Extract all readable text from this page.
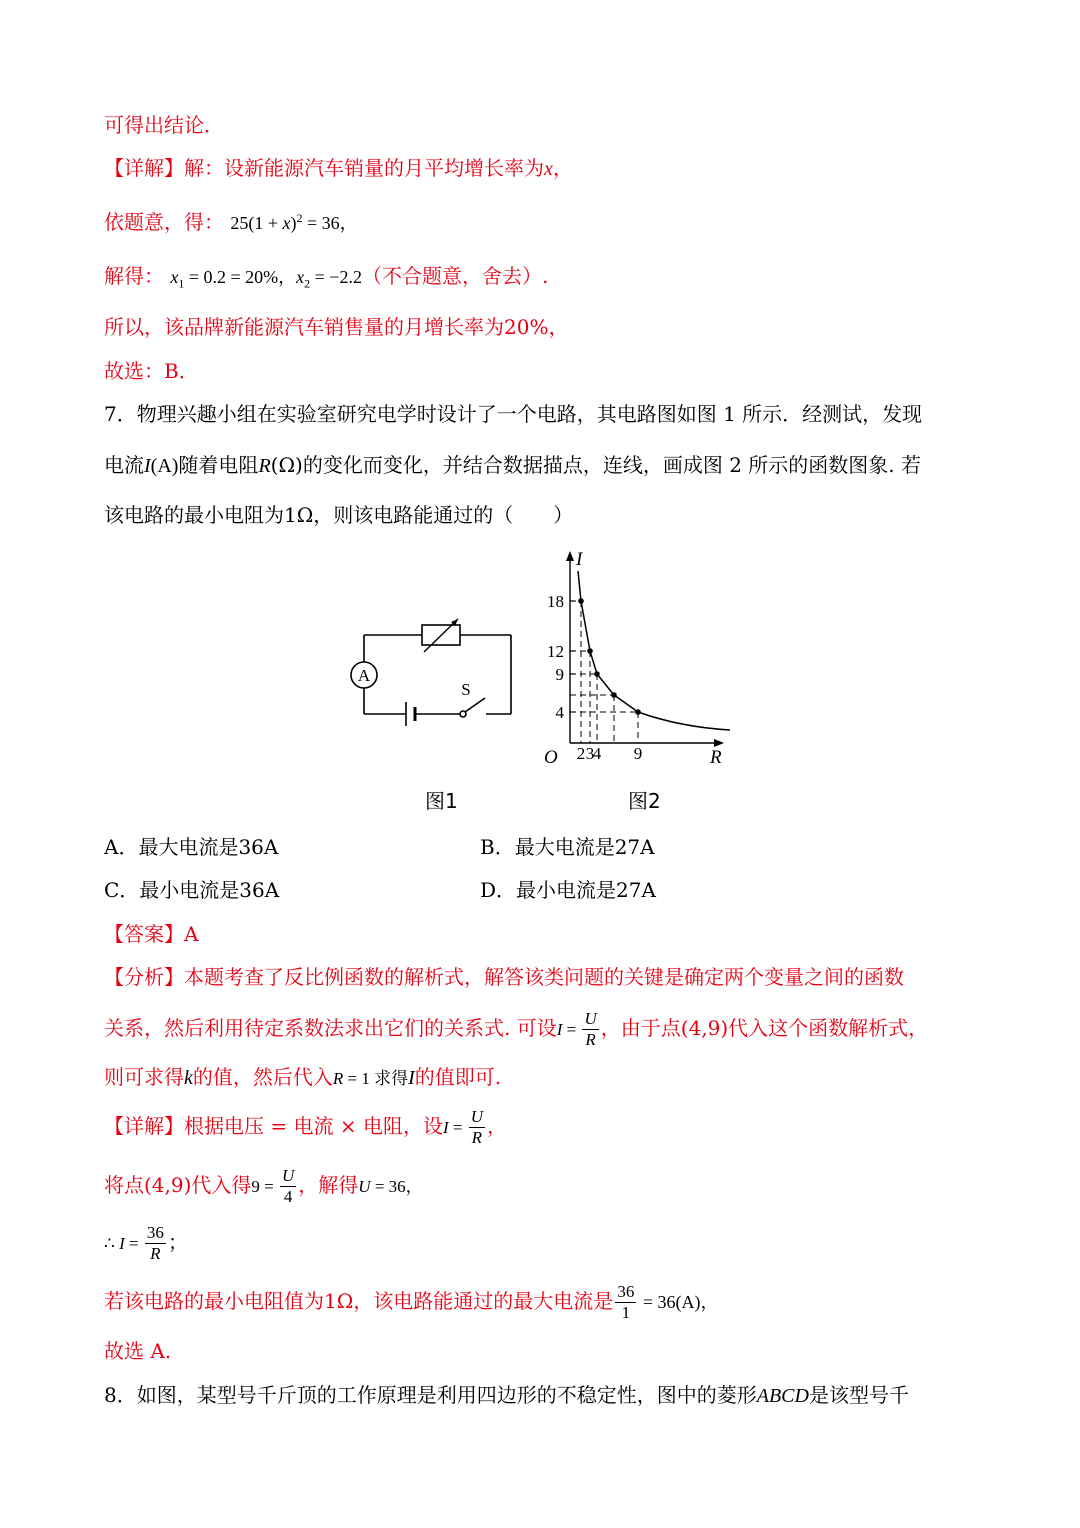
可得出结论．
【详解】解：设新能源汽车销量的月平均增长率为x，
依题意，得： $25(1 + x)^2 = 36$，
解得： $x_1 = 0.2 = 20\%$，$x_2 = -2.2$（不合题意，舍去）.
所以，该品牌新能源汽车销售量的月增长率为20%，
故选：B．
7．物理兴趣小组在实验室研究电学时设计了一个电路，其电路图如图 1 所示．经测试，发现
电流I(A)随着电阻R(Ω)的变化而变化，并结合数据描点，连线，画成图 2 所示的函数图象. 若
该电路的最小电阻为1Ω，则该电路能通过的（　　）
A
S
I
R
O
18
12
9
4
2 3
4 9
图1	图2
A．最大电流是36A	B．最大电流是27A
C．最小电流是36A	D．最小电流是27A
【答案】A
【分析】本题考查了反比例函数的解析式，解答该类问题的关键是确定两个变量之间的函数
关系，然后利用待定系数法求出它们的关系式. 可设$I = \frac{U}{R}$ ，由于点(4,9)代入这个函数解析式，
则可求得k的值，然后代入R = 1 求得I的值即可.
【详解】根据电压 = 电流 × 电阻，设$I = \frac{U}{R}$ ，
将点(4,9)代入得$9 = \frac{U}{4}$ ，解得U = 36，
∴ $I = \frac{36}{R}$ ；
若该电路的最小电阻值为1Ω，该电路能通过的最大电流是 $\frac{36}{1} = 36(A)$，
故选 A.
8．如图，某型号千斤顶的工作原理是利用四边形的不稳定性，图中的菱形ABCD是该型号千
